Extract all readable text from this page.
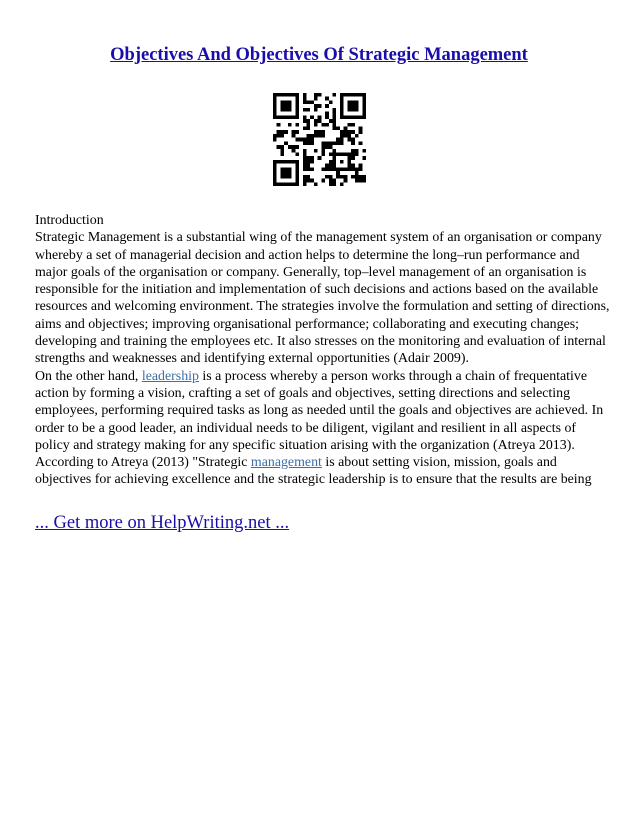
Objectives And Objectives Of Strategic Management

Introduction

Strategic Management is a substantial wing of the management system of an organisation or company whereby a set of managerial decision and action helps to determine the long–run performance and major goals of the organisation or company. Generally, top–level management of an organisation is responsible for the initiation and implementation of such decisions and actions based on the available resources and welcoming environment. The strategies involve the formulation and setting of directions, aims and objectives; improving organisational performance; collaborating and executing changes; developing and training the employees etc. It also stresses on the monitoring and evaluation of internal strengths and weaknesses and identifying external opportunities (Adair 2009).

On the other hand, leadership is a process whereby a person works through a chain of frequentative action by forming a vision, crafting a set of goals and objectives, setting directions and selecting employees, performing required tasks as long as needed until the goals and objectives are achieved. In order to be a good leader, an individual needs to be diligent, vigilant and resilient in all aspects of policy and strategy making for any specific situation arising with the organization (Atreya 2013).

According to Atreya (2013) "Strategic management is about setting vision, mission, goals and objectives for achieving excellence and the strategic leadership is to ensure that the results are being

... Get more on HelpWriting.net ...
